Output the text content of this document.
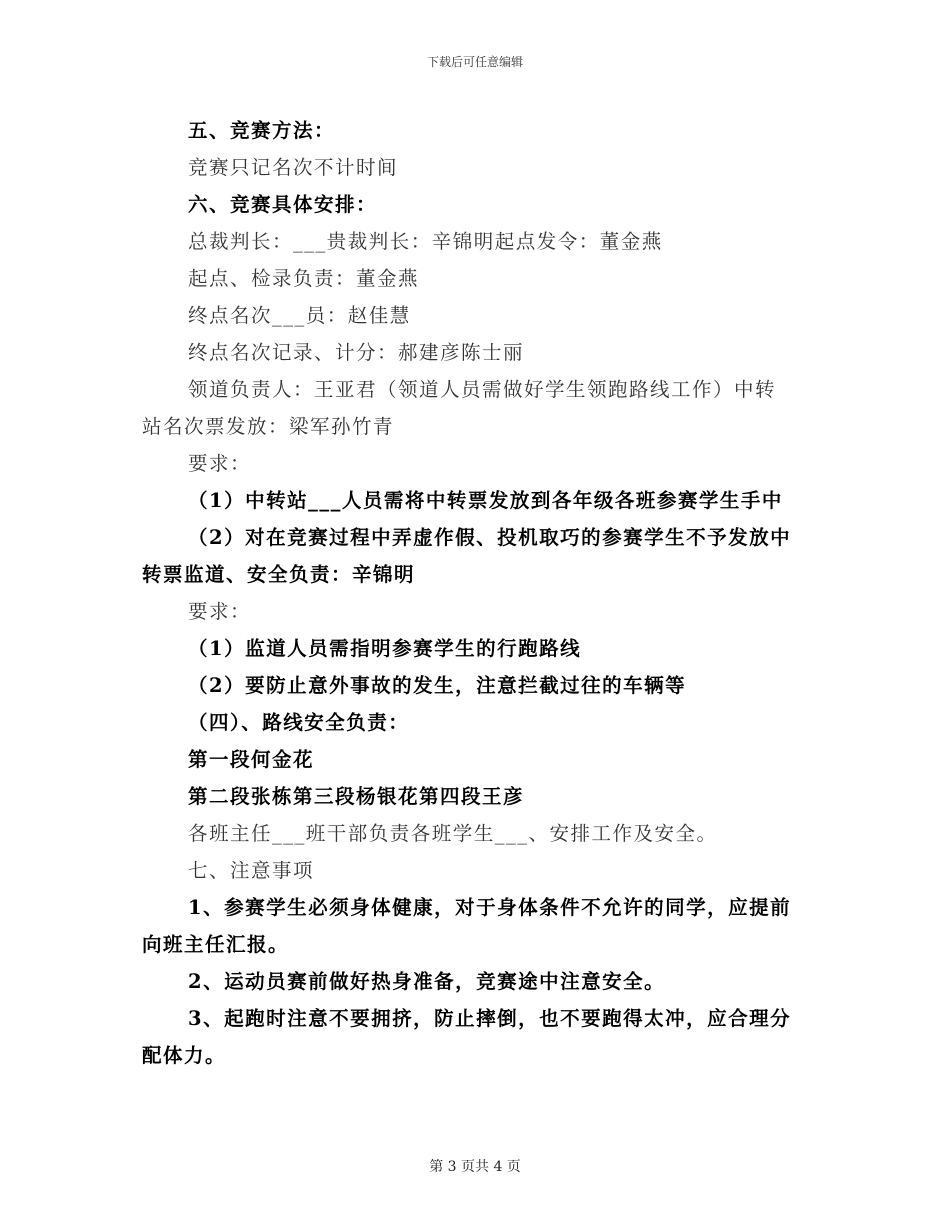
下载后可任意编辑
五、竞赛方法：
竞赛只记名次不计时间
六、竞赛具体安排：
总裁判长：___贵裁判长：辛锦明起点发令：董金燕
起点、检录负责：董金燕
终点名次___员：赵佳慧
终点名次记录、计分：郝建彦陈士丽
领道负责人：王亚君（领道人员需做好学生领跑路线工作）中转
站名次票发放：梁军孙竹青
要求：
（1）中转站___人员需将中转票发放到各年级各班参赛学生手中
（2）对在竞赛过程中弄虚作假、投机取巧的参赛学生不予发放中
转票监道、安全负责：辛锦明
要求：
（1）监道人员需指明参赛学生的行跑路线
（2）要防止意外事故的发生，注意拦截过往的车辆等
（四）、路线安全负责：
第一段何金花
第二段张栋第三段杨银花第四段王彦
各班主任___班干部负责各班学生___、安排工作及安全。
七、注意事项
1、参赛学生必须身体健康，对于身体条件不允许的同学，应提前
向班主任汇报。
2、运动员赛前做好热身准备，竞赛途中注意安全。
3、起跑时注意不要拥挤，防止摔倒，也不要跑得太冲，应合理分
配体力。
第 3 页共 4 页
